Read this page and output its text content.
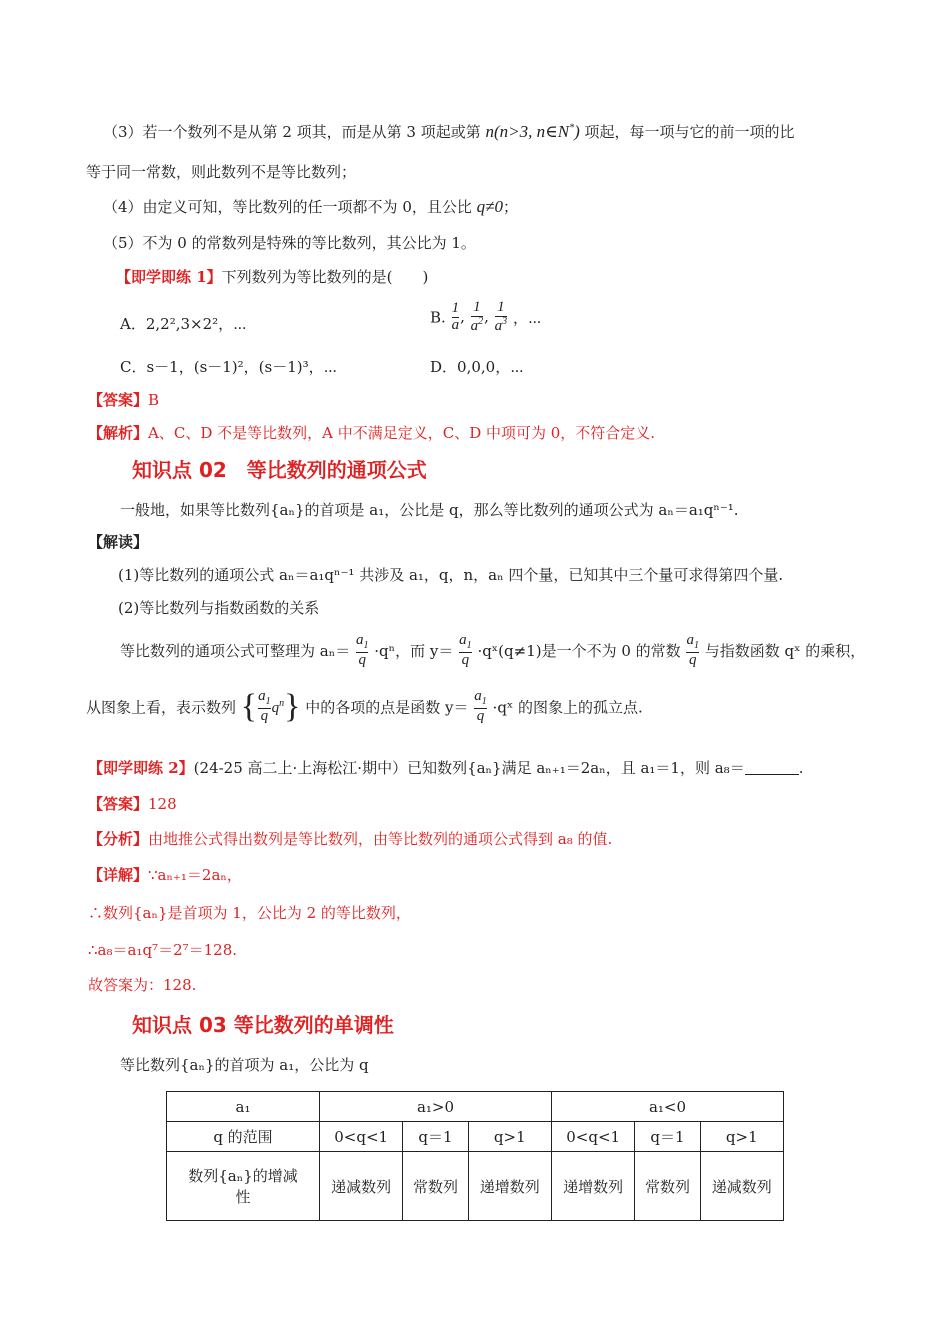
（3）若一个数列不是从第 2 项其，而是从第 3 项起或第 n(n>3, n∈N*) 项起，每一项与它的前一项的比
等于同一常数，则此数列不是等比数列；
（4）由定义可知，等比数列的任一项都不为 0，且公比 q≠0；
（5）不为 0 的常数列是特殊的等比数列，其公比为 1。
【即学即练 1】下列数列为等比数列的是(　　)
A．2,2²,3×2²，⋯	B. $\frac{1}{a}$ , $\frac{1}{a^2}$ , $\frac{1}{a^3}$ ，⋯
C．s－1，(s－1)²，(s－1)³，⋯	D．0,0,0，⋯
【答案】B
【解析】A、C、D 不是等比数列，A 中不满足定义，C、D 中项可为 0，不符合定义.
知识点 02　等比数列的通项公式
一般地，如果等比数列{aₙ}的首项是 a₁，公比是 q，那么等比数列的通项公式为 aₙ＝a₁qⁿ⁻¹.
【解读】
(1)等比数列的通项公式 aₙ＝a₁qⁿ⁻¹ 共涉及 a₁，q，n，aₙ 四个量，已知其中三个量可求得第四个量.
(2)等比数列与指数函数的关系
等比数列的通项公式可整理为 $a_n= \frac{a_1}{q} \cdot q^n$，而 $y= \frac{a_1}{q}$ ·qˣ(q≠1)是一个不为 0 的常数 $\frac{a_1}{q}$ 与指数函数 qˣ 的乘积，
从图象上看，表示数列 { $\frac{a_1}{q} q^n$} 中的各项的点是函数 $y= \frac{a_1}{q}$ ·qˣ 的图象上的孤立点.
【即学即练 2】(24-25 高二上·上海松江·期中）已知数列{aₙ}满足 aₙ₊₁＝2aₙ，且 a₁＝1，则 a₈＝	.
【答案】128
【分析】由地推公式得出数列是等比数列，由等比数列的通项公式得到 a₈ 的值.
【详解】∵aₙ₊₁＝2aₙ，
∴数列{aₙ}是首项为 1，公比为 2 的等比数列，
∴a₈＝a₁q⁷＝2⁷＝128.
故答案为：128.
知识点 03 等比数列的单调性
等比数列{aₙ}的首项为 a₁，公比为 q
a₁	a₁>0			a₁<0		
q 的范围	0<q<1	q＝1	q>1	0<q<1	q＝1	q>1
数列{aₙ}的增减
性	递减数列	常数列	递增数列	递增数列	常数列	递减数列
